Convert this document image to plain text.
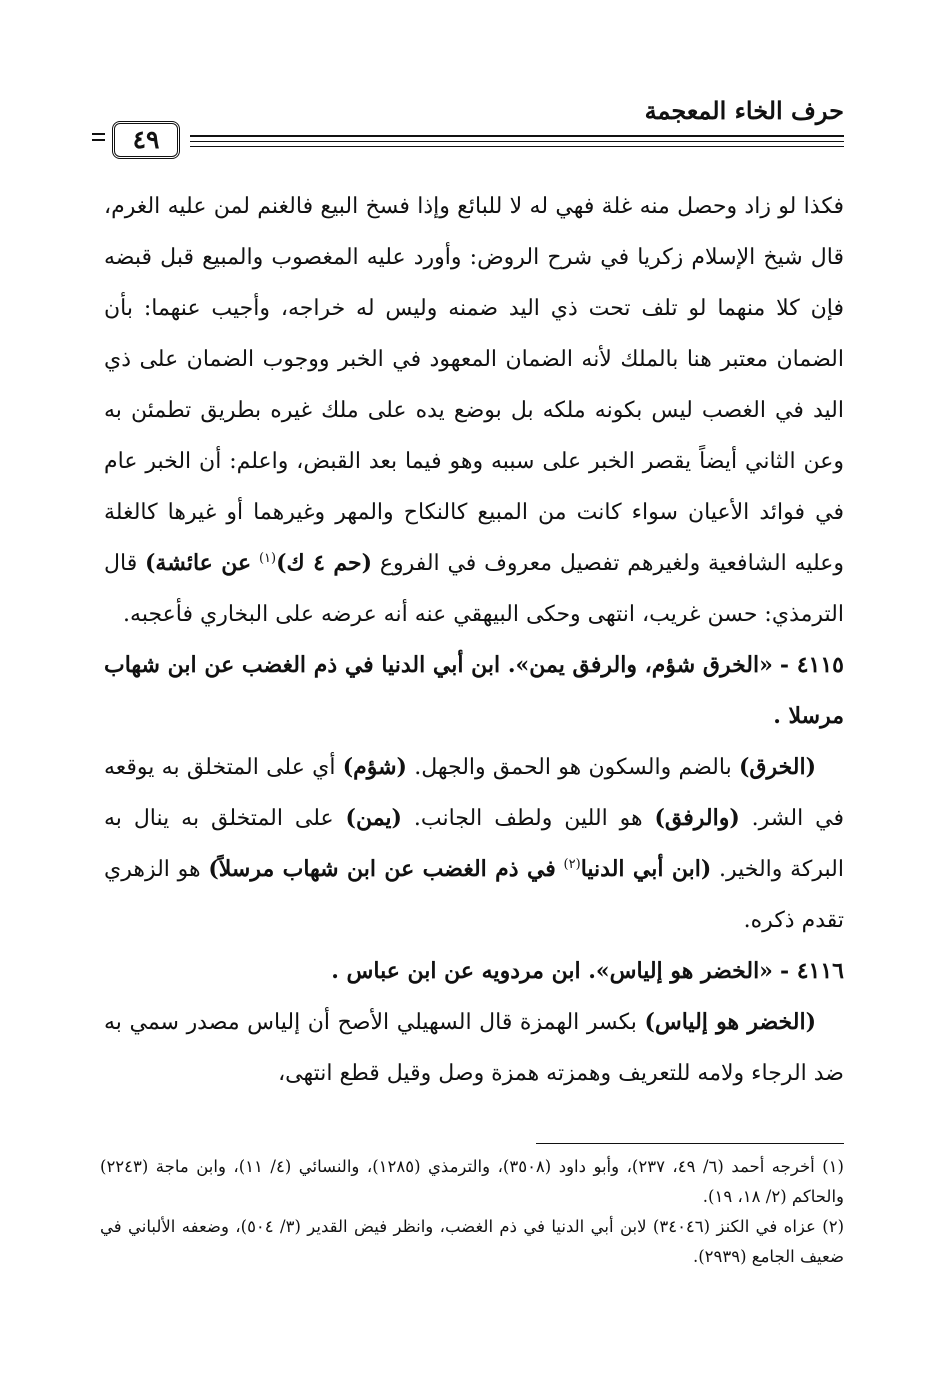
حرف الخاء المعجمة
٤٩

فكذا لو زاد وحصل منه غلة فهي له لا للبائع وإذا فسخ البيع فالغنم لمن عليه الغرم، قال شيخ الإسلام زكريا في شرح الروض: وأورد عليه المغصوب والمبيع قبل قبضه فإن كلا منهما لو تلف تحت ذي اليد ضمنه وليس له خراجه، وأجيب عنهما: بأن الضمان معتبر هنا بالملك لأنه الضمان المعهود في الخبر ووجوب الضمان على ذي اليد في الغصب ليس بكونه ملكه بل بوضع يده على ملك غيره بطريق تطمئن به وعن الثاني أيضاً يقصر الخبر على سببه وهو فيما بعد القبض، واعلم: أن الخبر عام في فوائد الأعيان سواء كانت من المبيع كالنكاح والمهر وغيرهما أو غيرها كالغلة وعليه الشافعية ولغيرهم تفصيل معروف في الفروع (حم ٤ ك)$^{(١)}$ عن عائشة) قال الترمذي: حسن غريب، انتهى وحكى البيهقي عنه أنه عرضه على البخاري فأعجبه.

٤١١٥ - «الخرق شؤم، والرفق يمن». ابن أبي الدنيا في ذم الغضب عن ابن شهاب مرسلا .

(الخرق) بالضم والسكون هو الحمق والجهل. (شؤم) أي على المتخلق به يوقعه في الشر. (والرفق) هو اللين ولطف الجانب. (يمن) على المتخلق به ينال به البركة والخير. (ابن أبي الدنيا$^{(٢)}$ في ذم الغضب عن ابن شهاب مرسلاً) هو الزهري تقدم ذكره.

٤١١٦ - «الخضر هو إلياس». ابن مردويه عن ابن عباس .

(الخضر هو إلياس) بكسر الهمزة قال السهيلي الأصح أن إلياس مصدر سمي به ضد الرجاء ولامه للتعريف وهمزته همزة وصل وقيل قطع انتهى،

(١) أخرجه أحمد (٦/ ٤٩، ٢٣٧)، وأبو داود (٣٥٠٨)، والترمذي (١٢٨٥)، والنسائي (٤/ ١١)، وابن ماجة (٢٢٤٣) والحاكم (٢/ ١٨، ١٩).

(٢) عزاه في الكنز (٣٤٠٤٦) لابن أبي الدنيا في ذم الغضب، وانظر فيض القدير (٣/ ٥٠٤)، وضعفه الألباني في ضعيف الجامع (٢٩٣٩).
